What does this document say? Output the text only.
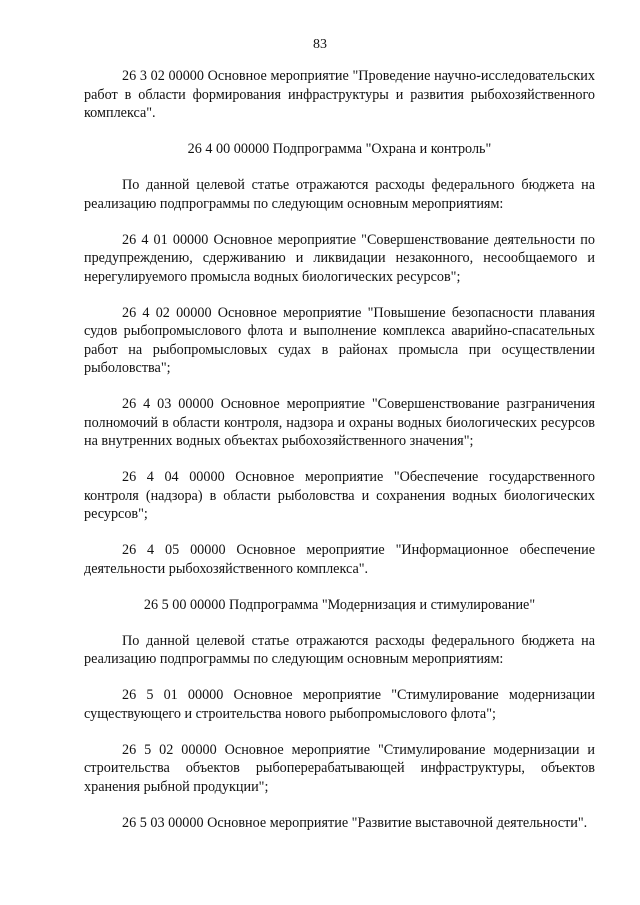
83

26 3 02 00000 Основное мероприятие "Проведение научно-исследовательских работ в области формирования инфраструктуры и развития рыбохозяйственного комплекса".

26 4 00 00000 Подпрограмма "Охрана и контроль"

По данной целевой статье отражаются расходы федерального бюджета на реализацию подпрограммы по следующим основным мероприятиям:

26 4 01 00000 Основное мероприятие "Совершенствование деятельности по предупреждению, сдерживанию и ликвидации незаконного, несообщаемого и нерегулируемого промысла водных биологических ресурсов";

26 4 02 00000 Основное мероприятие "Повышение безопасности плавания судов рыбопромыслового флота и выполнение комплекса аварийно-спасательных работ на рыбопромысловых судах в районах промысла при осуществлении рыболовства";

26 4 03 00000 Основное мероприятие "Совершенствование разграничения полномочий в области контроля, надзора и охраны водных биологических ресурсов на внутренних водных объектах рыбохозяйственного значения";

26 4 04 00000 Основное мероприятие "Обеспечение государственного контроля (надзора) в области рыболовства и сохранения водных биологических ресурсов";

26 4 05 00000 Основное мероприятие "Информационное обеспечение деятельности рыбохозяйственного комплекса".

26 5 00 00000 Подпрограмма "Модернизация и стимулирование"

По данной целевой статье отражаются расходы федерального бюджета на реализацию подпрограммы по следующим основным мероприятиям:

26 5 01 00000 Основное мероприятие "Стимулирование модернизации существующего и строительства нового рыбопромыслового флота";

26 5 02 00000 Основное мероприятие "Стимулирование модернизации и строительства объектов рыбоперерабатывающей инфраструктуры, объектов хранения рыбной продукции";

26 5 03 00000 Основное мероприятие "Развитие выставочной деятельности".
